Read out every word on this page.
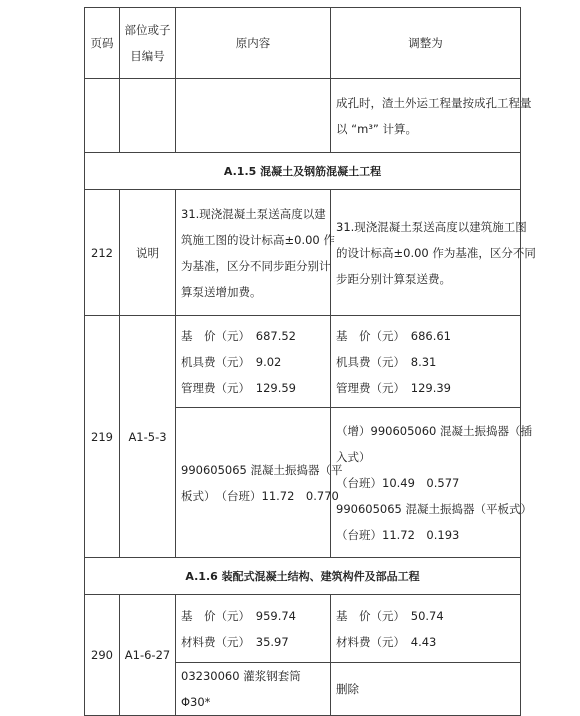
页码	部位或子
目编号	原内容	调整为

			成孔时，渣土外运工程量按成孔工程量
以 “m³” 计算。

A.1.5 混凝土及钢筋混凝土工程			
212	说明	31.现浇混凝土泵送高度以建
筑施工图的设计标高±0.00 作
为基准，区分不同步距分别计
算泵送增加费。	31.现浇混凝土泵送高度以建筑施工图
的设计标高±0.00 作为基准，区分不同
步距分别计算泵送费。

219	A1-5-3	基　价（元）　687.52
机具费（元）　9.02
管理费（元）　129.59	基　价（元）　686.61
机具费（元）　8.31
管理费（元）　129.39

		990605065 混凝土振捣器（平
板式）　（台班）11.72　0.770	（增）990605060 混凝土振捣器（插
入式）
（台班）10.49　0.577
990605065 混凝土振捣器（平板式）
（台班）11.72　0.193

A.1.6 装配式混凝土结构、建筑构件及部品工程			
290	A1-6-27	基　价（元）　959.74
材料费（元）　35.97	基　价（元）　50.74
材料费（元）　4.43

		03230060 灌浆钢套筒Φ30*	删除
